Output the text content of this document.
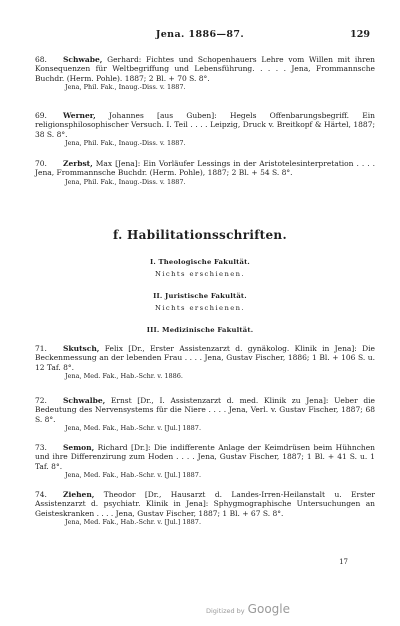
Jena. 1886—87.	129
68.	Schwabe, Gerhard: Fichtes und Schopenhauers Lehre vom Willen mit ihren Konsequenzen für Weltbegriffung und Lebensführung. . . . . Jena, Frommannsche Buchdr. (Herm. Pohle). 1887; 2 Bl. + 70 S. 8°.
Jena, Phil. Fak., Inaug.-Diss. v. 1887.
69.	Werner, Johannes [aus Guben]: Hegels Offenbarungsbegriff. Ein religionsphilosophischer Versuch. I. Teil . . . . Leipzig, Druck v. Breitkopf & Härtel, 1887; 38 S. 8°.
Jena, Phil. Fak., Inaug.-Diss. v. 1887.
70.	Zerbst, Max [Jena]: Ein Vorläufer Lessings in der Aristotelesinterpretation . . . . Jena, Frommannsche Buchdr. (Herm. Pohle), 1887; 2 Bl. + 54 S. 8°.
Jena, Phil. Fak., Inaug.-Diss. v. 1887.
f. Habilitationsschriften.
I. Theologische Fakultät.
Nichts erschienen.
II. Juristische Fakultät.
Nichts erschienen.
III. Medizinische Fakultät.
71.	Skutsch, Felix [Dr., Erster Assistenzarzt d. gynäkolog. Klinik in Jena]: Die Beckenmessung an der lebenden Frau . . . . Jena, Gustav Fischer, 1886; 1 Bl. + 106 S. u. 12 Taf. 8°.
Jena, Med. Fak., Hab.-Schr. v. 1886.
72.	Schwalbe, Ernst [Dr., I. Assistenzarzt d. med. Klinik zu Jena]: Ueber die Bedeutung des Nervensystems für die Niere . . . . Jena, Verl. v. Gustav Fischer, 1887; 68 S. 8°.
Jena, Med. Fak., Hab.-Schr. v. [Jul.] 1887.
73.	Semon, Richard [Dr.]: Die indifferente Anlage der Keimdrüsen beim Hühnchen und ihre Differenzirung zum Hoden . . . . Jena, Gustav Fischer, 1887; 1 Bl. + 41 S. u. 1 Taf. 8°.
Jena, Med. Fak., Hab.-Schr. v. [Jul.] 1887.
74.	Ziehen, Theodor [Dr., Hausarzt d. Landes-Irren-Heilanstalt u. Erster Assistenzarzt d. psychiatr. Klinik in Jena]: Sphygmographische Untersuchungen an Geisteskranken . . . . Jena, Gustav Fischer, 1887; 1 Bl. + 67 S. 8°.
Jena, Med. Fak., Hab.-Schr. v. [Jul.] 1887.
17
Digitized by Google
